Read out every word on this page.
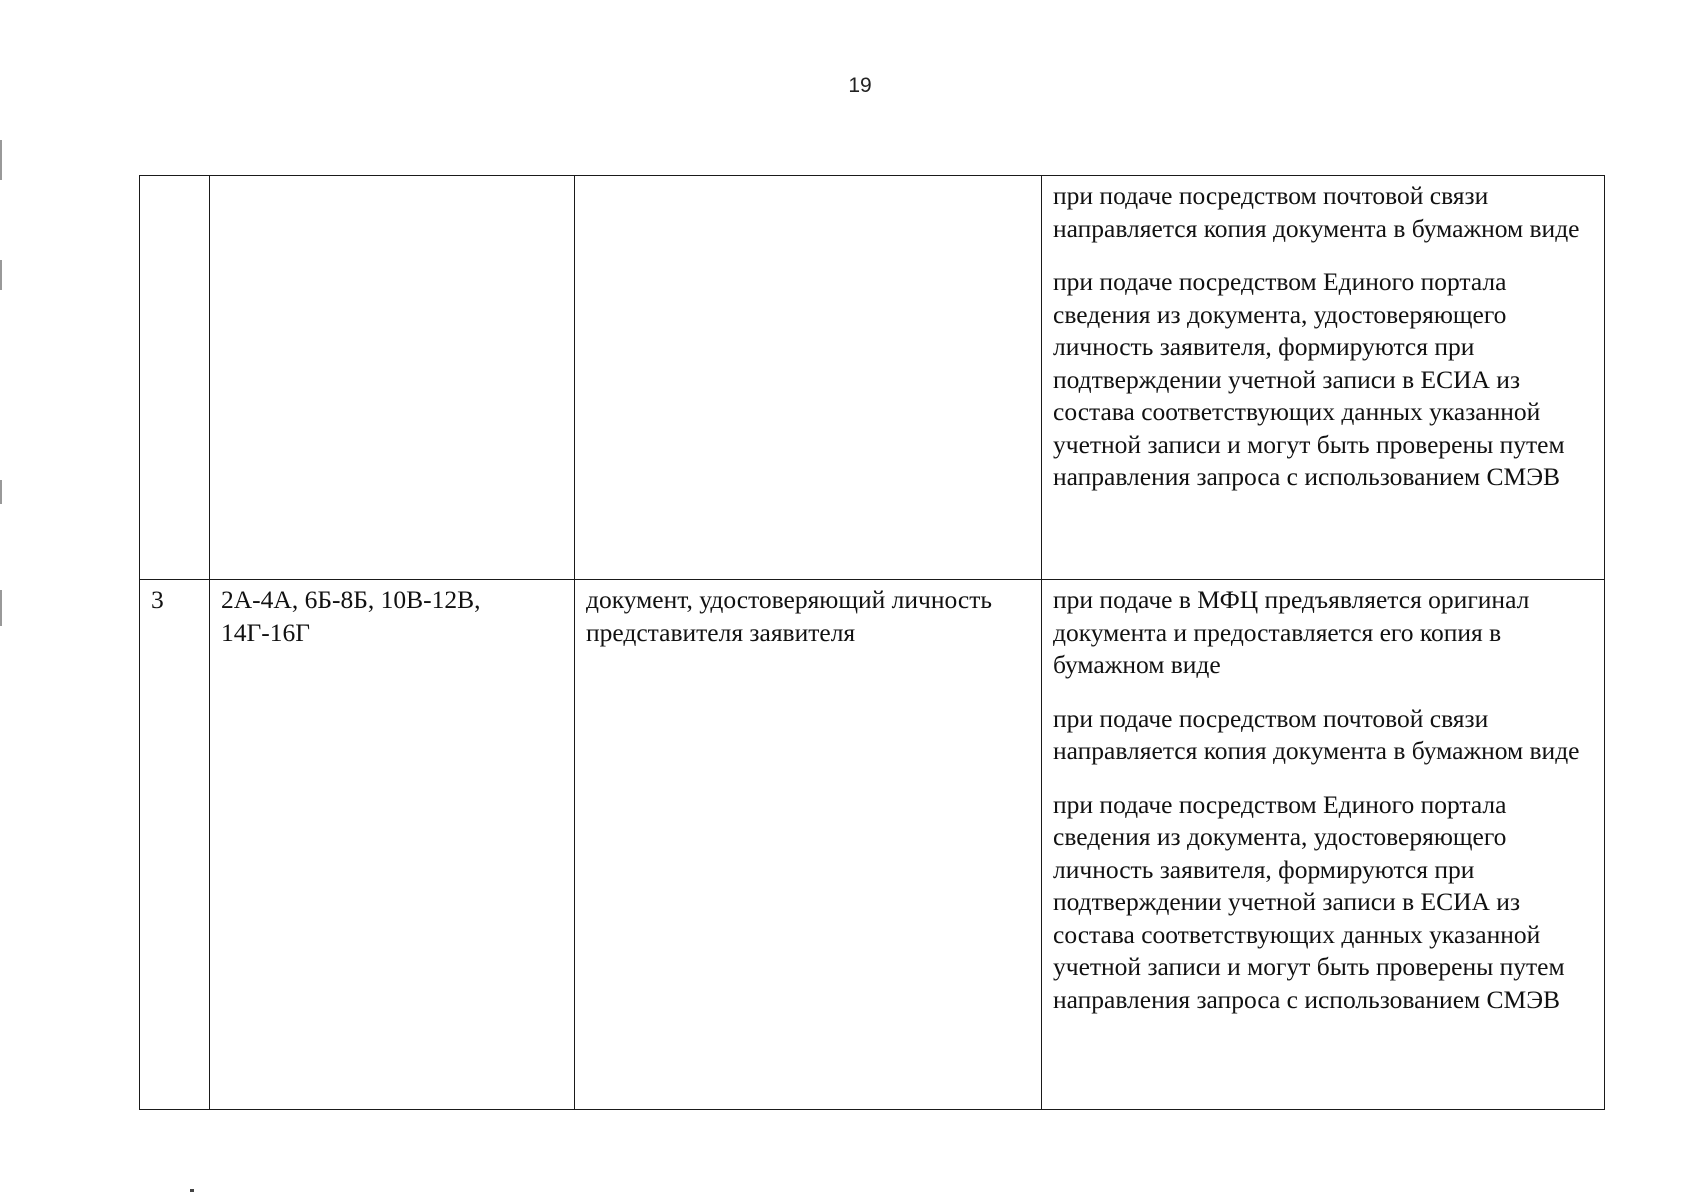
19

			при подаче посредством почтовой связи направляется копия документа в бумажном виде

при подаче посредством Единого портала сведения из документа, удостоверяющего личность заявителя, формируются при подтверждении учетной записи в ЕСИА из состава соответствующих данных указанной учетной записи и могут быть проверены путем направления запроса с использованием СМЭВ

3	2А-4А, 6Б-8Б, 10В-12В, 14Г-16Г	документ, удостоверяющий личность представителя заявителя	при подаче в МФЦ предъявляется оригинал документа и предоставляется его копия в бумажном виде

при подаче посредством почтовой связи направляется копия документа в бумажном виде

при подаче посредством Единого портала сведения из документа, удостоверяющего личность заявителя, формируются при подтверждении учетной записи в ЕСИА из состава соответствующих данных указанной учетной записи и могут быть проверены путем направления запроса с использованием СМЭВ
